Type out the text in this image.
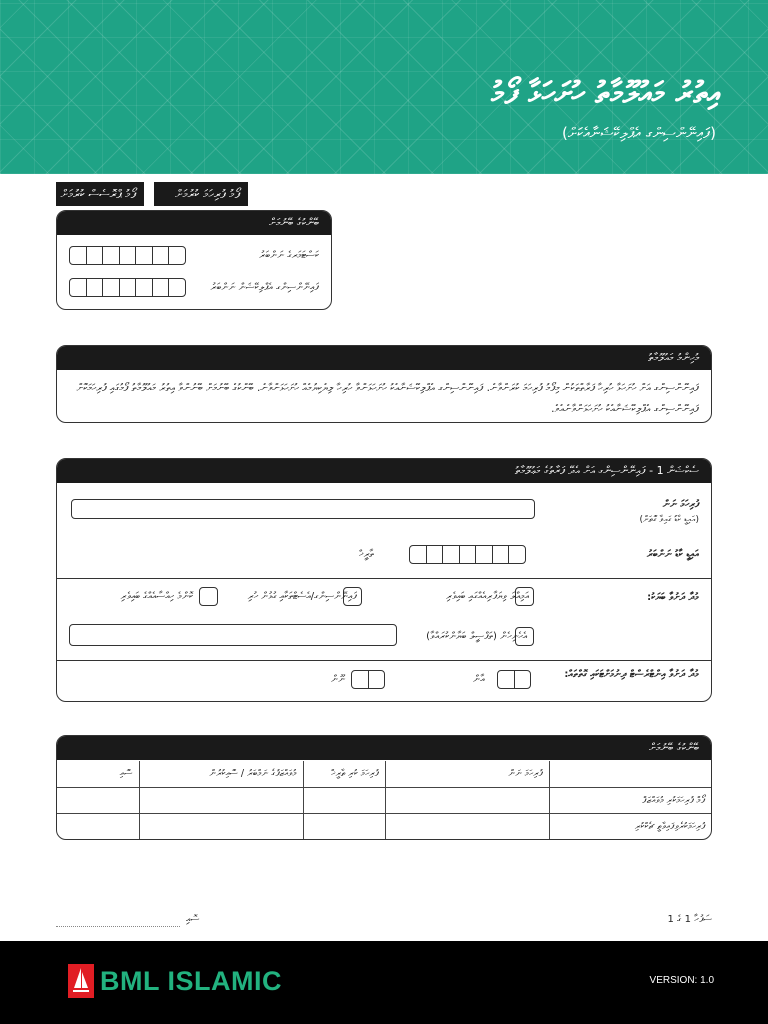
އިތުރު މައުލޫމާތު ހުށަހަޅާ ފޯމު
(ފައިނޭންސިންގ އެޕްލިކޭޝަނާއެކަށް)
ފޯމު ޕްރޮސެސް ކުރުމަށް	ފޯމު ފުރިހަމަ ކުރުމަށް
ބޭންކުގެ ބޭނުމަށް
ކަސްޓަމަރގެ ނަންބަރު
ފައިނޭންސިންގ އެޕްލިކޭޝަން ނަންބަރު
މުހިންމު މައުލޫމާތު
ފައިނޭންސިންގ އަށް ހުށަހަޅާ ހުރިހާ ފަރާތްތަކުން މިފޯމު ފުރިހަމަ ކުރަންވާނެ. ފައިނޭންސިންގ އެޕްލިކޭޝަނާއެކު ހުށަހަޅަންވާ ހުރިހާ ލިޔެކިޔުމެއް ހުށަހަޅަންވާނެ. ބޭންކުގެ ބޭނުމަށް ބޭނުންވާ އިތުރު މައުލޫމާތު ފޯމުގައި ފުރިހަމަކޮށް ފައިނޭންސިންގ އެޕްލިކޭޝަނާއެކު ހުށަހަޅަންވާނެއެވެ.
ސެކްޝަން 1 - ފައިނޭންސިންގ އަށް އެދޭ ފަރާތުގެ މަޢުލޫމާތު
ފުރިހަމަ ނަން
(އައިޑީ ކާޑު ގައިވާ ގޮތަށް)
އައިޑީ ކާޑު ނަންބަރު
ތާރީޚް
މުދާ ދަށުވާ ބަޔަކު:
އަމިއްލަ ވިޔަފާރިއެއްގައި ބައިވެރި
ފައިނޭންސިންގ/އެސެޓްތަކާއި ގުޅުން ހުރި
ކޮންމެ ހިއްސާއެއްގެ ބައިވެރި
އެހެނިހެން (ތަފްޞީލް ބަޔާންކުރައްވާ)
މުދާ ދަށުވާ އިންޓްރެސްޓް ދިނުމަށްޓަކައި ގޮތްތައް:
އާން
ނޫން
ބޭންކުގެ ބޭނުމަށް
ސޮއި	މުވައްޒަފުގެ ނަމްބަރު / ސޮއިކުރުން	ފުރިހަމަ ކުރި ތާރީޚް	ފުރިހަމަ ނަން	
				ފޯމް ފުރިހަމަކުރި މުވައްޒަފް
				ފުރިހަމަކުރެވިފައިވާތީ ޗެކްކުރި
ސޮއި	ސަފުހާ 1 ގެ 1
BML ISLAMIC	VERSION: 1.0
